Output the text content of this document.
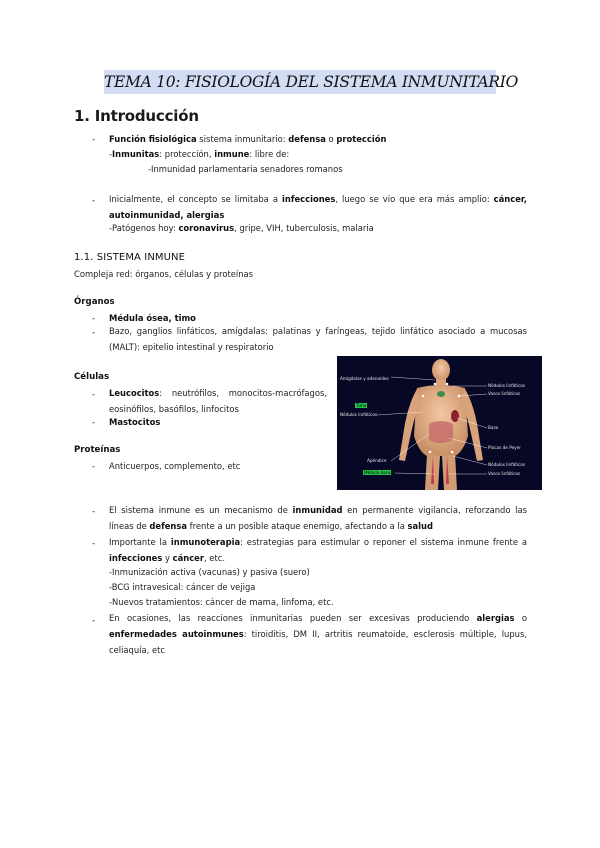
TEMA 10: FISIOLOGÍA DEL SISTEMA INMUNITARIO
1. Introducción
- Función fisiológica sistema inmunitario: defensa o protección
-Inmunitas: protección, inmune: libre de:
-Inmunidad parlamentaria senadores romanos
- Inicialmente, el concepto se limitaba a infecciones, luego se vio que era más amplio: cáncer, autoinmunidad, alergias
-Patógenos hoy: coronavirus, gripe, VIH, tuberculosis, malaria
1.1. SISTEMA INMUNE
Compleja red: órganos, células y proteínas
Órganos
- Médula ósea, timo
- Bazo, ganglios linfáticos, amígdalas: palatinas y faríngeas, tejido linfático asociado a mucosas (MALT): epitelio intestinal y respiratorio
Células
- Leucocitos: neutrófilos, monocitos-macrófagos, eosinófilos, basófilos, linfocitos
- Mastocitos
Proteínas
- Anticuerpos, complemento, etc
Amígdalas y adenoides
Timo
Nódulos linfáticos
Apéndice
Médula ósea
Nódulos linfáticos
Vasos linfáticos
Bazo
Placas de Peyer
Nódulos linfáticos
Vasos linfáticos
- El sistema inmune es un mecanismo de inmunidad en permanente vigilancia, reforzando las líneas de defensa frente a un posible ataque enemigo, afectando a la salud
- Importante la inmunoterapia: estrategias para estimular o reponer el sistema inmune frente a infecciones y cáncer, etc.
-Inmunización activa (vacunas) y pasiva (suero)
-BCG intravesical: cáncer de vejiga
-Nuevos tratamientos: cáncer de mama, linfoma, etc.
- En ocasiones, las reacciones inmunitarias pueden ser excesivas produciendo alergias o enfermedades autoinmunes: tiroiditis, DM II, artritis reumatoide, esclerosis múltiple, lupus, celiaquía, etc
